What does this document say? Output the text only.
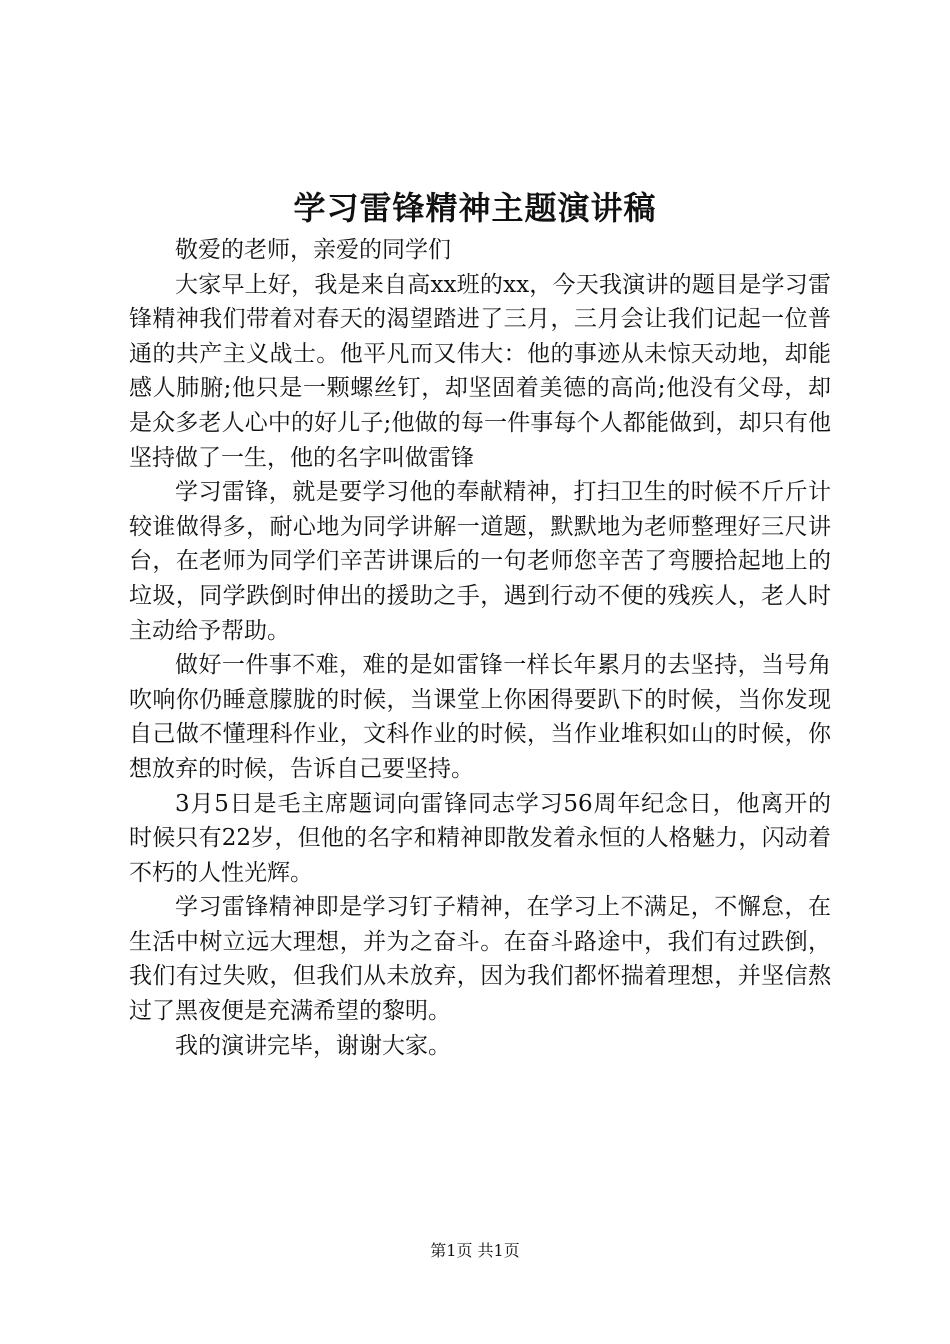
学习雷锋精神主题演讲稿

敬爱的老师，亲爱的同学们

大家早上好，我是来自高xx班的xx，今天我演讲的题目是学习雷锋精神我们带着对春天的渴望踏进了三月，三月会让我们记起一位普通的共产主义战士。他平凡而又伟大：他的事迹从未惊天动地，却能感人肺腑;他只是一颗螺丝钉，却坚固着美德的高尚;他没有父母，却是众多老人心中的好儿子;他做的每一件事每个人都能做到，却只有他坚持做了一生，他的名字叫做雷锋

学习雷锋，就是要学习他的奉献精神，打扫卫生的时候不斤斤计较谁做得多，耐心地为同学讲解一道题，默默地为老师整理好三尺讲台，在老师为同学们辛苦讲课后的一句老师您辛苦了弯腰拾起地上的垃圾，同学跌倒时伸出的援助之手，遇到行动不便的残疾人，老人时主动给予帮助。

做好一件事不难，难的是如雷锋一样长年累月的去坚持，当号角吹响你仍睡意朦胧的时候，当课堂上你困得要趴下的时候，当你发现自己做不懂理科作业，文科作业的时候，当作业堆积如山的时候，你想放弃的时候，告诉自己要坚持。

3月5日是毛主席题词向雷锋同志学习56周年纪念日，他离开的时候只有22岁，但他的名字和精神即散发着永恒的人格魅力，闪动着不朽的人性光辉。

学习雷锋精神即是学习钉子精神，在学习上不满足，不懈怠，在生活中树立远大理想，并为之奋斗。在奋斗路途中，我们有过跌倒，我们有过失败，但我们从未放弃，因为我们都怀揣着理想，并坚信熬过了黑夜便是充满希望的黎明。

我的演讲完毕，谢谢大家。

第1页 共1页
